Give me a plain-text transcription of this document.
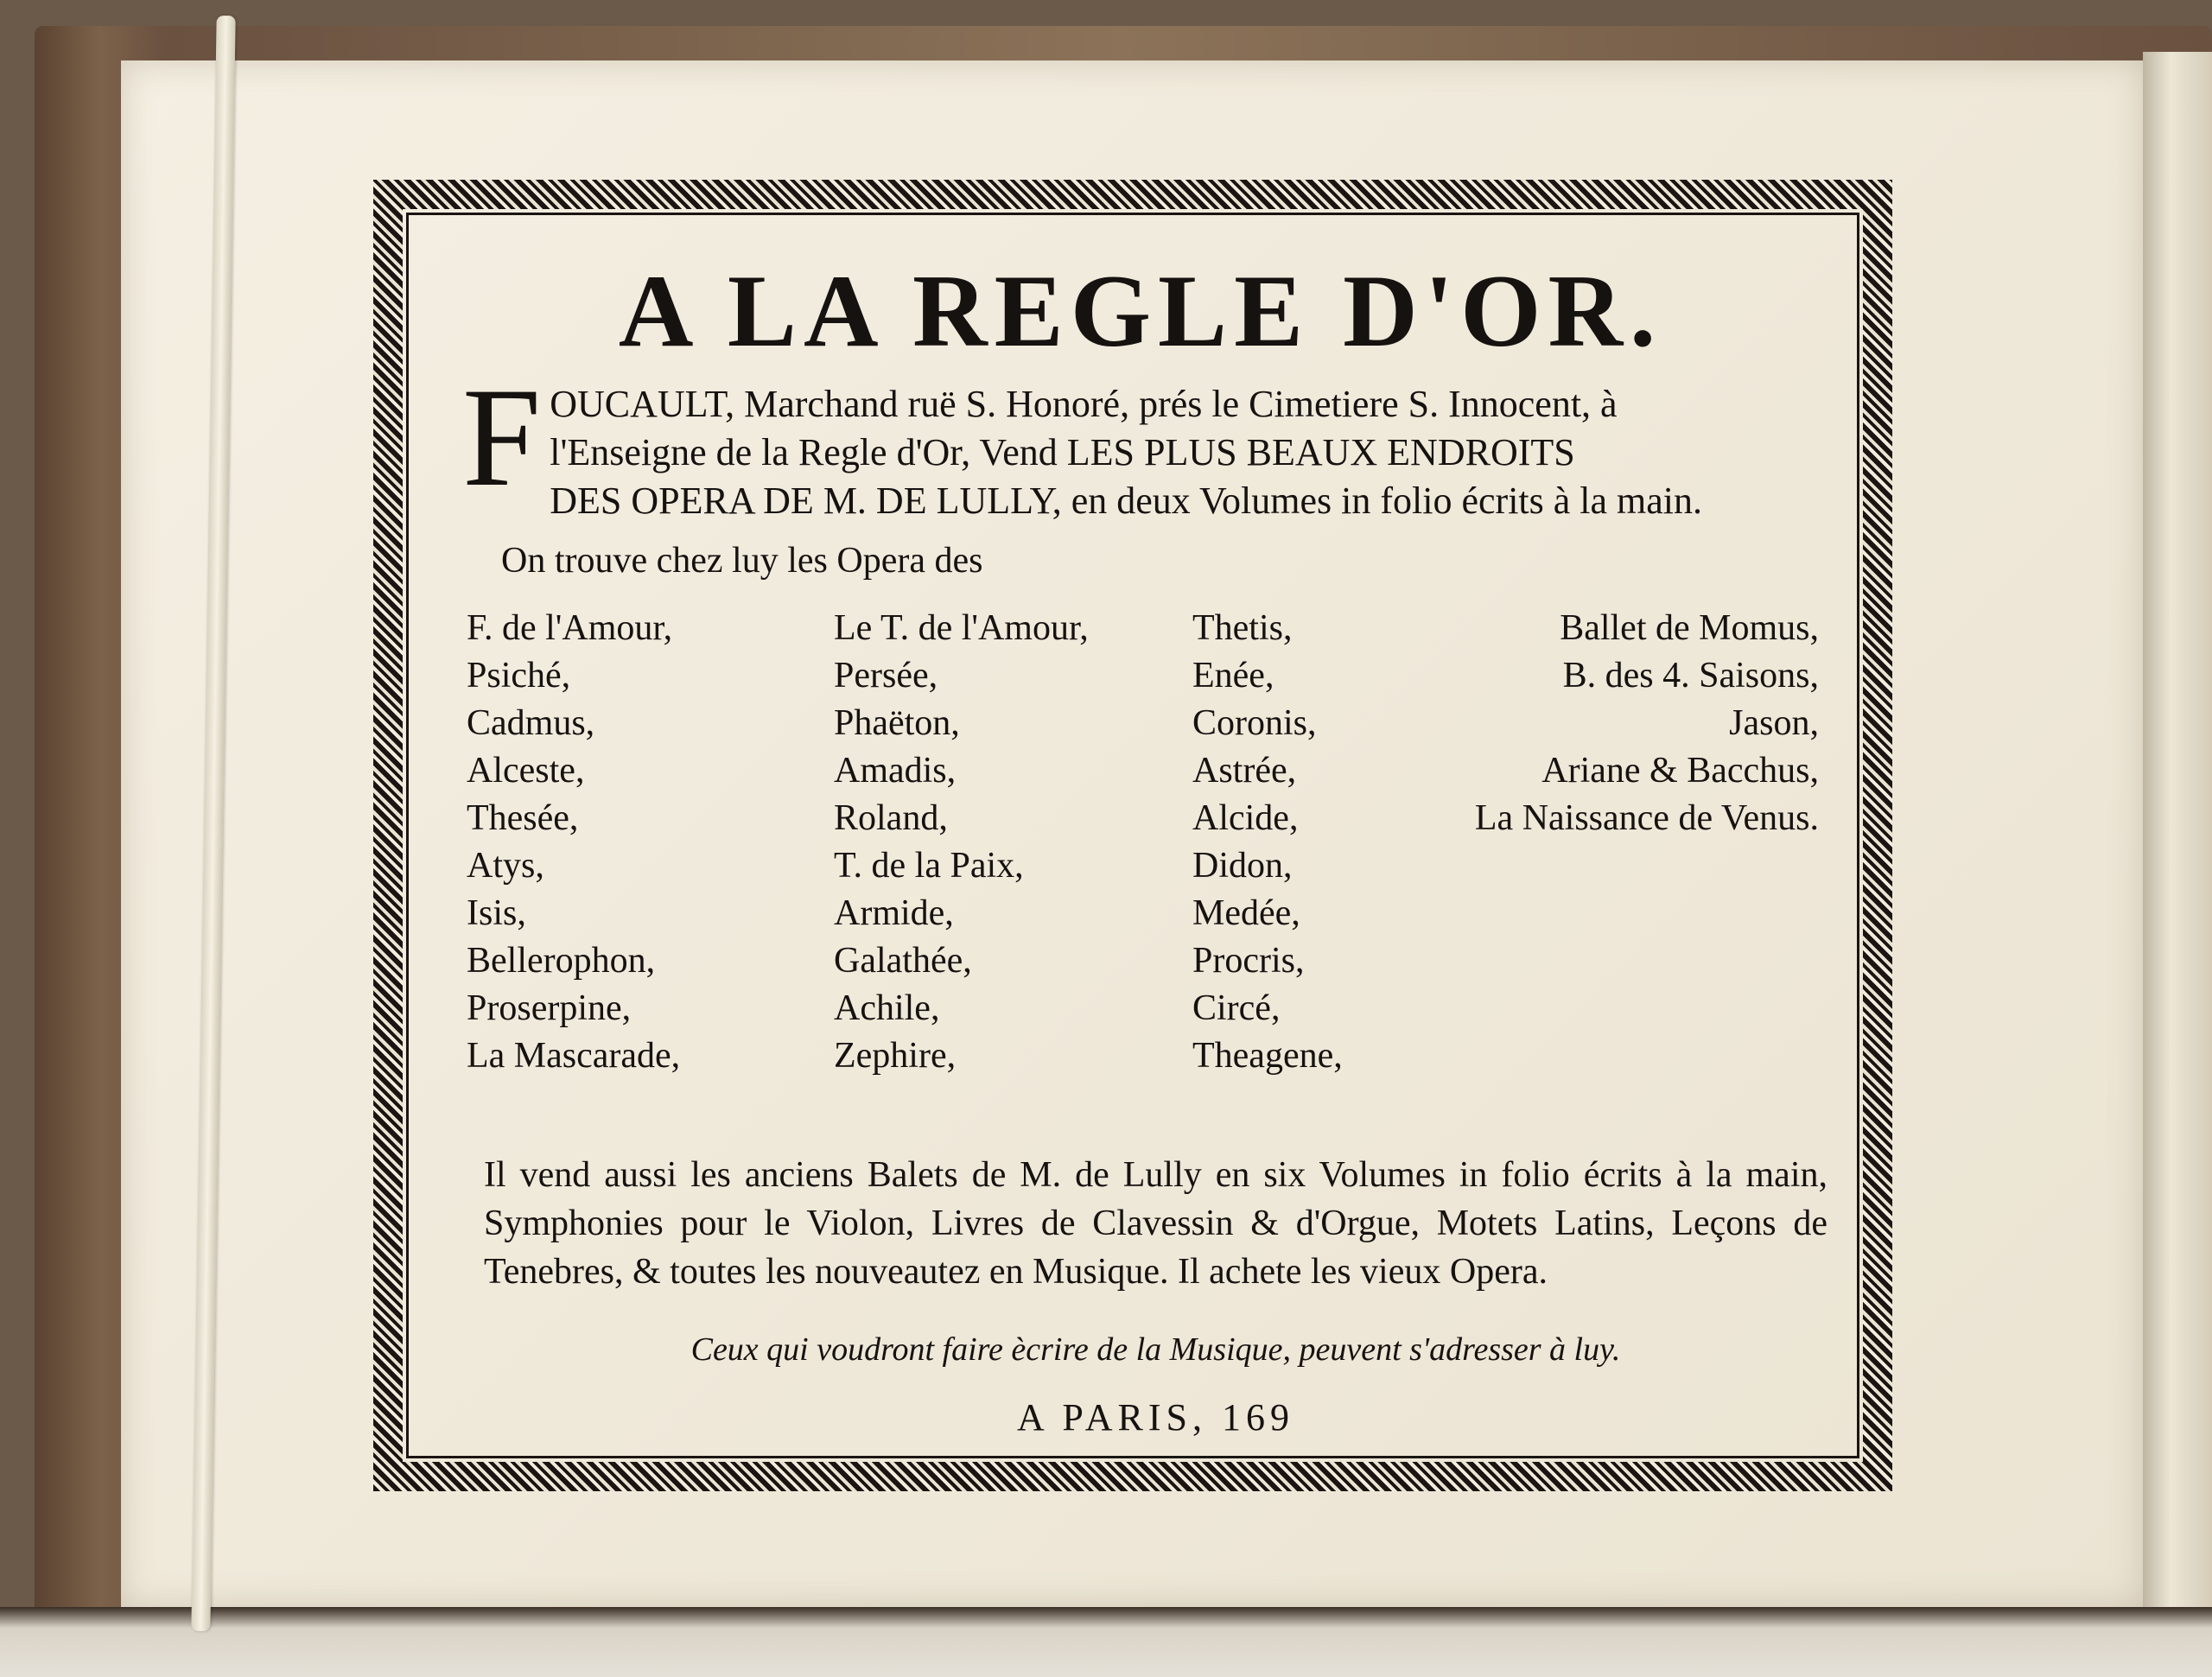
A LA REGLE D'OR.
F OUCAULT, Marchand ruë S. Honoré, prés le Cimetiere S. Innocent, à

l'Enseigne de la Regle d'Or, Vend LES PLUS BEAUX ENDROITS

DES OPERA DE M. DE LULLY, en deux Volumes in folio écrits à la main.

On trouve chez luy les Opera des
F. de l'Amour,
Psiché,
Cadmus,
Alceste,
Thesée,
Atys,
Isis,
Bellerophon,
Proserpine,
La Mascarade,
Le T. de l'Amour,
Persée,
Phaëton,
Amadis,
Roland,
T. de la Paix,
Armide,
Galathée,
Achile,
Zephire,
Thetis,
Enée,
Coronis,
Astrée,
Alcide,
Didon,
Medée,
Procris,
Circé,
Theagene,
Ballet de Momus,
B. des 4. Saisons,
Jason,
Ariane & Bacchus,
La Naissance de Venus.

Il vend aussi les anciens Balets de M. de Lully en six Volumes in folio écrits à la main, Symphonies pour le Violon, Livres de Clavessin & d'Orgue, Motets Latins, Leçons de Tenebres, & toutes les nouveautez en Musique. Il achete les vieux Opera.

Ceux qui voudront faire ècrire de la Musique, peuvent s'adresser à luy.
A PARIS, 169
